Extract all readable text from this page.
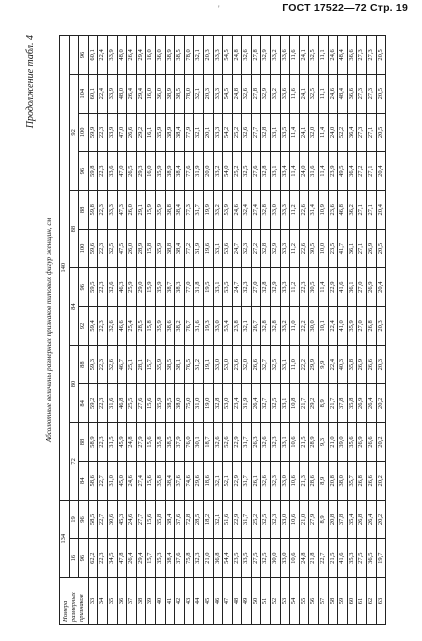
'	ГОСТ 17522—72 Стр. 19
Продолжение табл. 4
Абсолютные величины размерных признаков типовых фигур женщин, см
Номера размерных признаков	134		140											
	16	19	72		80		84		88		92			
	96	96	84	88	84	88	92	96	100	88	96	100	104	96
33	62,2	58,5	58,6	58,9	59,2	59,3	59,4	59,5	59,6	59,8	59,8	59,9	60,1	60,1
34	22,3	22,7	22,7	22,3	22,3	22,3	22,3	22,3	22,3	22,3	22,3	22,3	22,4	22,4
35	34,5	30,6	31,0	31,5	31,6	32,6	32,6	32,6	32,5	33,3	33,6	33,9	33,9	33,9
36	47,8	45,3	45,0	45,9	46,8	46,7	46,6	46,3	47,5	47,3	47,0	47,0	48,0	48,0
37	26,4	24,6	24,6	24,8	25,5	25,1	25,4	25,9	26,0	26,0	26,5	26,6	26,4	26,4
38	29,4	27,7	27,4	27,9	27,6	28,1	28,5	29,0	28,9	29,1	29,3	29,2	29,4	29,4
39	15,7	15,6	15,6	15,6	15,6	15,7	15,8	15,9	15,8	15,9	16,0	16,1	16,0	16,0
40	35,3	35,8	35,8	35,8	35,9	35,9	35,9	35,9	35,9	35,9	35,9	35,9	36,0	36,0
41	38,4	38,4	38,4	38,5	38,5	38,5	38,6	38,7	38,8	38,8	38,9	38,9	38,9	38,9
42	37,6	37,6	37,6	37,9	38,0	38,1	38,2	38,3	38,4	38,4	38,4	38,4	38,5	38,5
43	75,8	72,8	74,6	76,0	75,0	76,5	76,7	77,0	77,2	77,3	77,6	77,9	78,0	78,0
44	32,3	28,5	29,6	30,1	31,0	31,2	31,6	31,8	31,9	31,7	31,9	32,1	32,1	32,1
45	21,0	18,2	18,6	18,7	19,0	19,1	19,3	19,5	19,6	19,9	20,0	20,1	20,3	20,3
46	36,8	32,1	32,1	32,6	32,8	33,0	33,0	33,1	33,1	33,2	33,2	33,3	33,3	33,3
47	54,4	51,6	52,1	52,6	53,0	53,0	53,4	53,5	53,6	53,9	54,0	54,2	54,5	54,5
48	23,5	22,9	22,9	22,9	23,4	23,6	23,8	24,7	24,7	24,6	25,2	25,2	24,8	24,8
49	33,5	31,7	31,7	31,7	31,9	32,0	32,1	32,3	32,3	32,4	32,5	32,6	32,6	32,6
50	27,5	25,2	26,1	26,3	26,4	26,6	26,7	27,0	27,2	27,4	27,6	27,7	27,8	27,8
51	32,5	32,5	32,6	32,6	32,7	32,7	32,8	32,8	32,8	32,8	32,8	32,8	32,9	32,9
52	30,0	32,3	32,3	32,3	32,5	32,5	32,8	32,9	32,9	33,0	33,1	33,1	33,2	33,2
53	33,0	33,0	33,0	33,1	33,1	33,1	33,2	33,3	33,3	33,3	33,4	33,5	33,6	33,6
54	10,6	10,6	10,6	10,6	10,8	11,0	11,0	11,2	11,2	11,2	11,4	11,4	11,6	11,6
55	24,8	21,0	21,3	21,5	21,7	22,2	22,2	22,3	22,6	22,6	24,0	24,1	24,1	24,1
56	21,8	27,9	28,6	28,9	29,2	29,9	30,0	30,5	30,5	31,4	31,6	32,0	32,5	32,5
57	22,7	8,9	8,9	9,3	8,9	9,9	10,1	11,4	10,0	10,9	11,4	11,4	11,1	11,1
58	21,5	20,8	20,8	21,0	21,7	22,4	22,4	22,9	23,5	23,6	23,9	24,0	24,6	24,6
59	41,6	37,8	38,0	39,0	37,8	40,3	41,0	41,6	41,7	46,8	49,5	52,2	48,4	48,4
60	35,3	35,4	35,7	35,6	35,8	35,8	35,9	36,1	36,1	36,2	36,4	36,4	36,6	36,6
61	27,5	26,8	26,8	26,9	26,9	26,9	27,0	27,0	27,1	27,1	27,2	27,3	27,3	27,3
62	36,5	26,4	26,6	26,6	26,4	26,6	26,8	26,9	26,9	27,1	27,1	27,1	27,3	27,3
63	19,7	20,2	20,2	20,2	20,2	20,3	20,3	20,4	20,5	20,4	20,4	20,5	20,5	20,5
